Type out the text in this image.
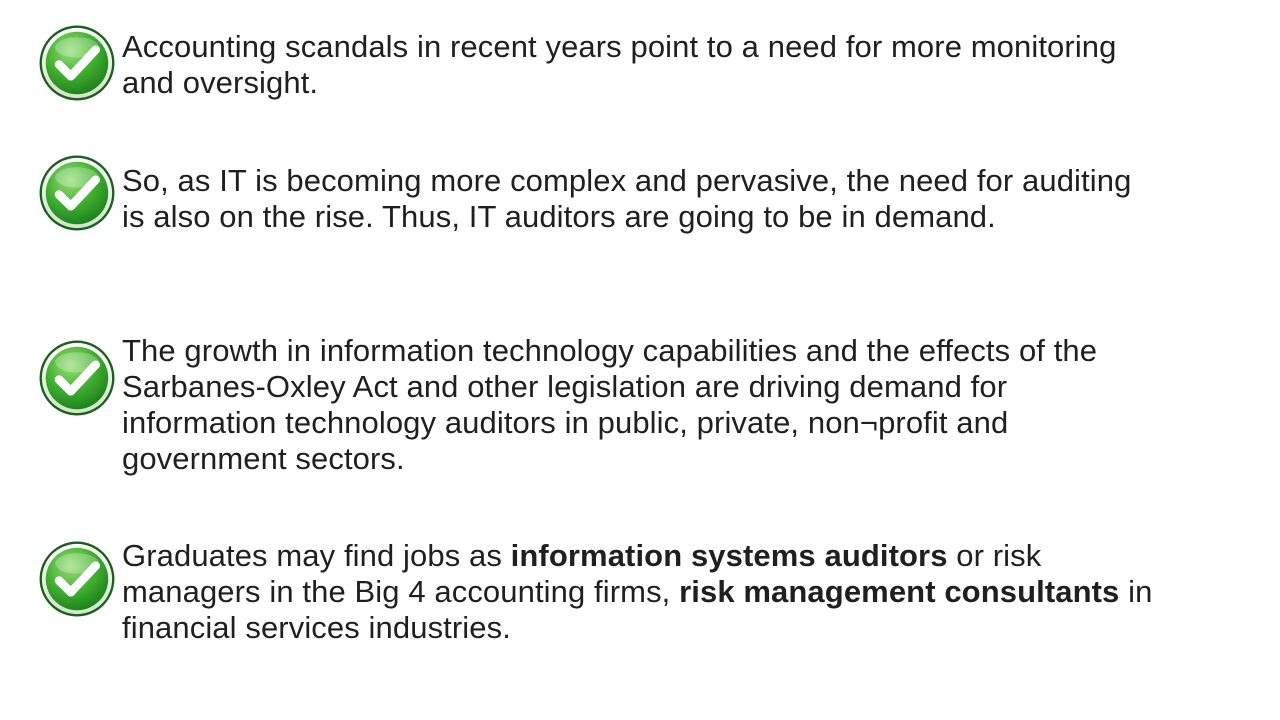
Accounting scandals in recent years point to a need for more monitoring and oversight.
So, as IT is becoming more complex and pervasive, the need for auditing is also on the rise. Thus, IT auditors are going to be in demand.
The growth in information technology capabilities and the effects of the Sarbanes-Oxley Act and other legislation are driving demand for information technology auditors in public, private, non¬profit and government sectors.
Graduates may find jobs as information systems auditors or risk managers in the Big 4 accounting firms, risk management consultants in financial services industries.
